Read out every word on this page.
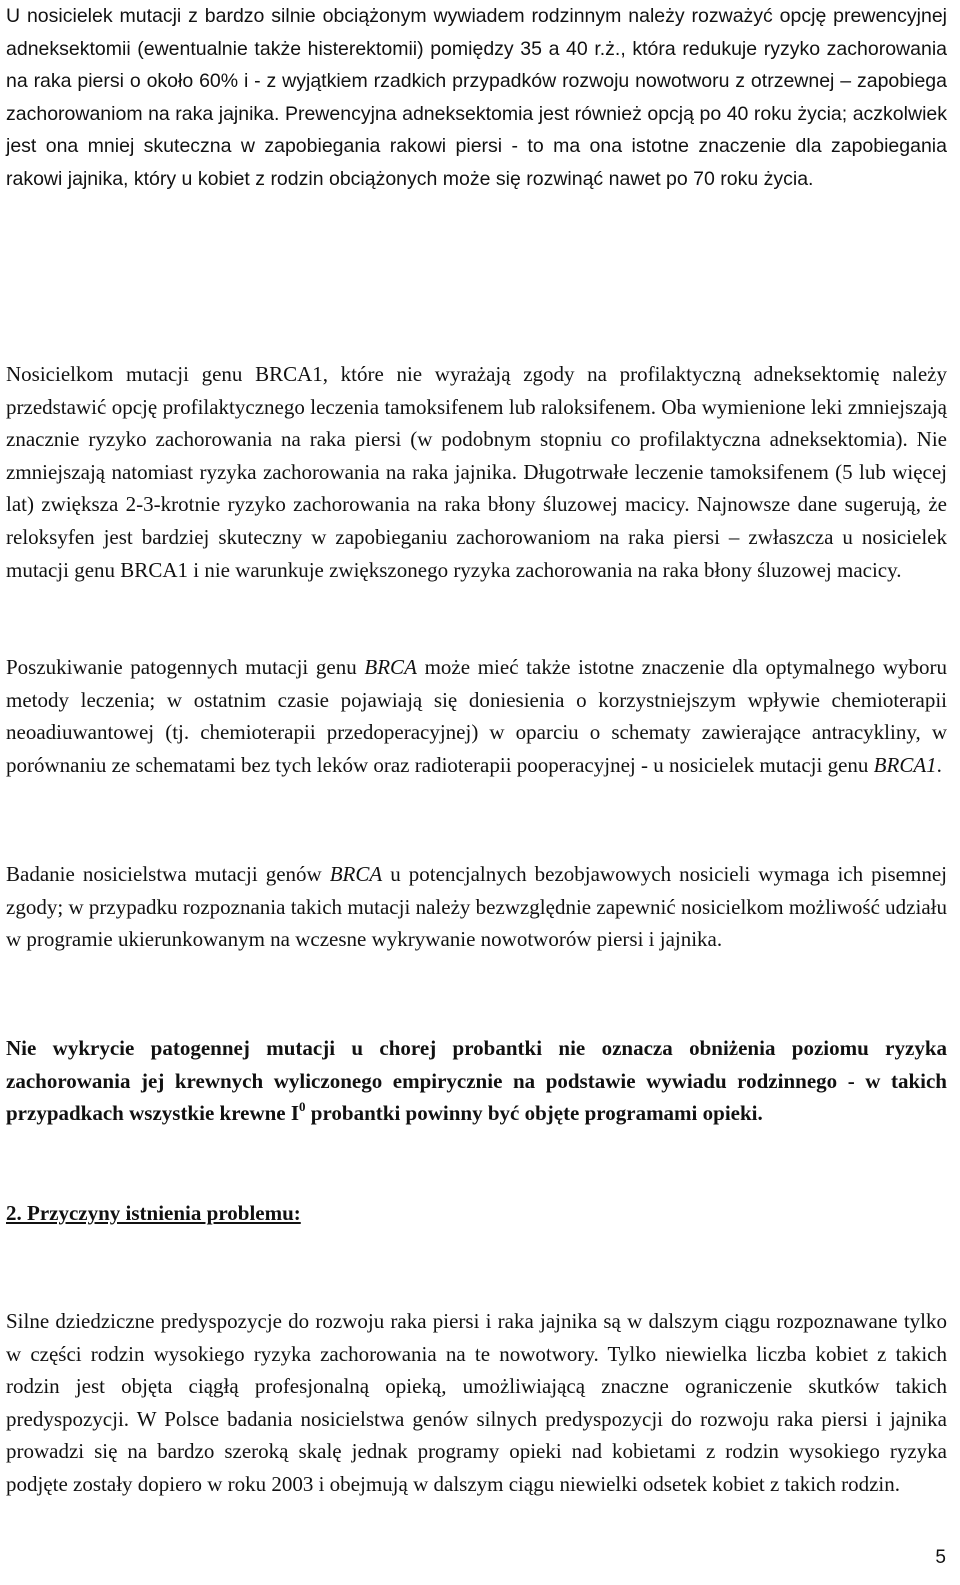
U nosicielek mutacji z bardzo silnie obciążonym wywiadem rodzinnym należy rozważyć opcję prewencyjnej adneksektomii (ewentualnie także histerektomii) pomiędzy 35 a 40 r.ż., która redukuje ryzyko zachorowania na raka piersi o około 60% i - z wyjątkiem rzadkich przypadków rozwoju nowotworu z otrzewnej – zapobiega zachorowaniom na raka jajnika. Prewencyjna adneksektomia jest również opcją po 40 roku życia; aczkolwiek jest ona mniej skuteczna w zapobiegania rakowi piersi - to ma ona istotne znaczenie dla zapobiegania rakowi jajnika, który u kobiet z rodzin obciążonych może się rozwinąć nawet po 70 roku życia.

Nosicielkom mutacji genu BRCA1, które nie wyrażają zgody na profilaktyczną adneksektomię należy przedstawić opcję profilaktycznego leczenia tamoksifenem lub raloksifenem. Oba wymienione leki zmniejszają znacznie ryzyko zachorowania na raka piersi (w podobnym stopniu co profilaktyczna adneksektomia). Nie zmniejszają natomiast ryzyka zachorowania na raka jajnika. Długotrwałe leczenie tamoksifenem (5 lub więcej lat) zwiększa 2-3-krotnie ryzyko zachorowania na raka błony śluzowej macicy. Najnowsze dane sugerują, że reloksyfen jest bardziej skuteczny w zapobieganiu zachorowaniom na raka piersi – zwłaszcza u nosicielek mutacji genu BRCA1 i nie warunkuje zwiększonego ryzyka zachorowania na raka błony śluzowej macicy.

Poszukiwanie patogennych mutacji genu BRCA może mieć także istotne znaczenie dla optymalnego wyboru metody leczenia; w ostatnim czasie pojawiają się doniesienia o korzystniejszym wpływie chemioterapii neoadiuwantowej (tj. chemioterapii przedoperacyjnej) w oparciu o schematy zawierające antracykliny, w porównaniu ze schematami bez tych leków oraz radioterapii pooperacyjnej - u nosicielek mutacji genu BRCA1.

Badanie nosicielstwa mutacji genów BRCA u potencjalnych bezobjawowych nosicieli wymaga ich pisemnej zgody; w przypadku rozpoznania takich mutacji należy bezwzględnie zapewnić nosicielkom możliwość udziału w programie ukierunkowanym na wczesne wykrywanie nowotworów piersi i jajnika.

Nie wykrycie patogennej mutacji u chorej probantki nie oznacza obniżenia poziomu ryzyka zachorowania jej krewnych wyliczonego empirycznie na podstawie wywiadu rodzinnego - w takich przypadkach wszystkie krewne $I^0$ probantki powinny być objęte programami opieki.

2. Przyczyny istnienia problemu:

Silne dziedziczne predyspozycje do rozwoju raka piersi i raka jajnika są w dalszym ciągu rozpoznawane tylko w części rodzin wysokiego ryzyka zachorowania na te nowotwory. Tylko niewielka liczba kobiet z takich rodzin jest objęta ciągłą profesjonalną opieką, umożliwiającą znaczne ograniczenie skutków takich predyspozycji. W Polsce badania nosicielstwa genów silnych predyspozycji do rozwoju raka piersi i jajnika prowadzi się na bardzo szeroką skalę jednak programy opieki nad kobietami z rodzin wysokiego ryzyka podjęte zostały dopiero w roku 2003 i obejmują w dalszym ciągu niewielki odsetek kobiet z takich rodzin.

5
